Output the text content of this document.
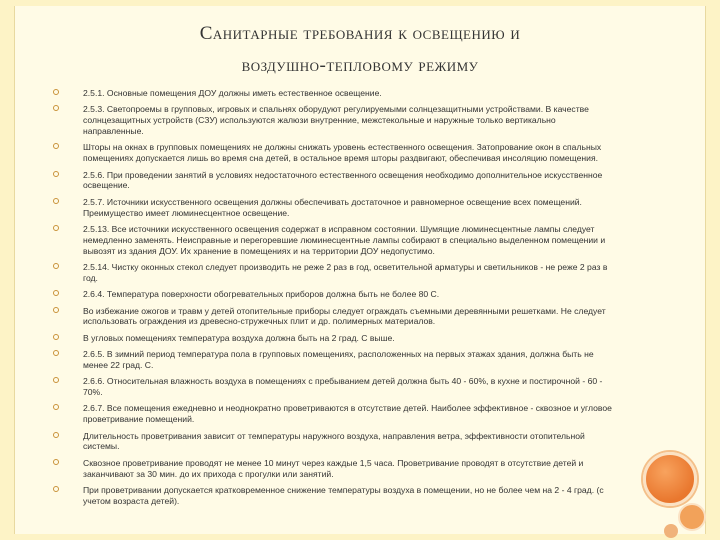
Санитарные требования к освещению и
воздушно-тепловому режиму
2.5.1. Основные помещения ДОУ должны иметь естественное освещение.
2.5.3. Светопроемы в групповых, игровых и спальнях оборудуют регулируемыми солнцезащитными устройствами. В качестве солнцезащитных устройств (СЗУ) используются жалюзи внутренние, межстекольные и наружные только вертикально направленные.
Шторы на окнах в групповых помещениях не должны снижать уровень естественного освещения. Затопрование окон в спальных помещениях допускается лишь во время сна детей, в остальное время шторы раздвигают, обеспечивая инсоляцию помещения.
2.5.6. При проведении занятий в условиях недостаточного естественного освещения необходимо дополнительное искусственное освещение.
2.5.7. Источники искусственного освещения должны обеспечивать достаточное и равномерное освещение всех помещений. Преимущество имеет люминесцентное освещение.
2.5.13. Все источники искусственного освещения содержат в исправном состоянии. Шумящие люминесцентные лампы следует немедленно заменять. Неисправные и перегоревшие люминесцентные лампы собирают в специально выделенном помещении и вывозят из здания ДОУ. Их хранение в помещениях и на территории ДОУ недопустимо.
2.5.14. Чистку оконных стекол следует производить не реже 2 раз в год, осветительной арматуры и светильников - не реже 2 раз в год.
2.6.4. Температура поверхности обогревательных приборов должна быть не более 80 С.
Во избежание ожогов и травм у детей отопительные приборы следует ограждать съемными деревянными решетками. Не следует использовать ограждения из древесно-стружечных плит и др. полимерных материалов.
В угловых помещениях температура воздуха должна быть на 2 град. С выше.
2.6.5. В зимний период температура пола в групповых помещениях, расположенных на первых этажах здания, должна быть не менее 22 град. С.
2.6.6. Относительная влажность воздуха в помещениях с пребыванием детей должна быть 40 - 60%, в кухне и постирочной - 60 - 70%.
2.6.7. Все помещения ежедневно и неоднократно проветриваются в отсутствие детей. Наиболее эффективное - сквозное и угловое проветривание помещений.
Длительность проветривания зависит от температуры наружного воздуха, направления ветра, эффективности отопительной системы.
Сквозное проветривание проводят не менее 10 минут через каждые 1,5 часа. Проветривание проводят в отсутствие детей и заканчивают за 30 мин. до их прихода с прогулки или занятий.
При проветривании допускается кратковременное снижение температуры воздуха в помещении, но не более чем на 2 - 4 град. (с учетом возраста детей).
